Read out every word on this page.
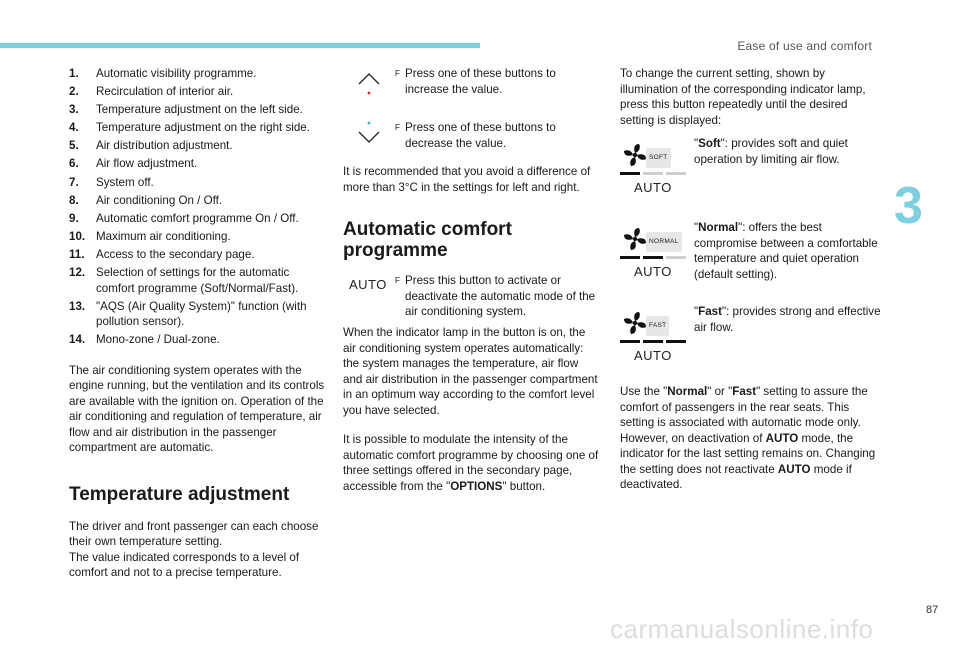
Ease of use and comfort
3
1.	Automatic visibility programme.
2.	Recirculation of interior air.
3.	Temperature adjustment on the left side.
4.	Temperature adjustment on the right side.
5.	Air distribution adjustment.
6.	Air flow adjustment.
7.	System off.
8.	Air conditioning On / Off.
9.	Automatic comfort programme On / Off.
10. Maximum air conditioning.
11. Access to the secondary page.
12. Selection of settings for the automatic comfort programme (Soft/Normal/Fast).
13. "AQS (Air Quality System)" function (with pollution sensor).
14. Mono-zone / Dual-zone.

The air conditioning system operates with the engine running, but the ventilation and its controls are available with the ignition on. Operation of the air conditioning and regulation of temperature, air flow and air distribution in the passenger compartment are automatic.

Temperature adjustment

The driver and front passenger can each choose their own temperature setting.
The value indicated corresponds to a level of comfort and not to a precise temperature.

F Press one of these buttons to increase the value.
F Press one of these buttons to decrease the value.

It is recommended that you avoid a difference of more than 3°C in the settings for left and right.

Automatic comfort
programme
AUTO F Press this button to activate or deactivate the automatic mode of the air conditioning system.

When the indicator lamp in the button is on, the air conditioning system operates automatically: the system manages the temperature, air flow and air distribution in the passenger compartment in an optimum way according to the comfort level you have selected.

It is possible to modulate the intensity of the automatic comfort programme by choosing one of three settings offered in the secondary page, accessible from the "OPTIONS" button.

To change the current setting, shown by illumination of the corresponding indicator lamp, press this button repeatedly until the desired setting is displayed:

SOFT
AUTO
"Soft": provides soft and quiet operation by limiting air flow.
NORMAL
AUTO
"Normal": offers the best compromise between a comfortable temperature and quiet operation (default setting).
FAST
AUTO
"Fast": provides strong and effective air flow.

Use the "Normal" or "Fast" setting to assure the comfort of passengers in the rear seats. This setting is associated with automatic mode only. However, on deactivation of AUTO mode, the indicator for the last setting remains on. Changing the setting does not reactivate AUTO mode if deactivated.

carmanualsonline.info
87
